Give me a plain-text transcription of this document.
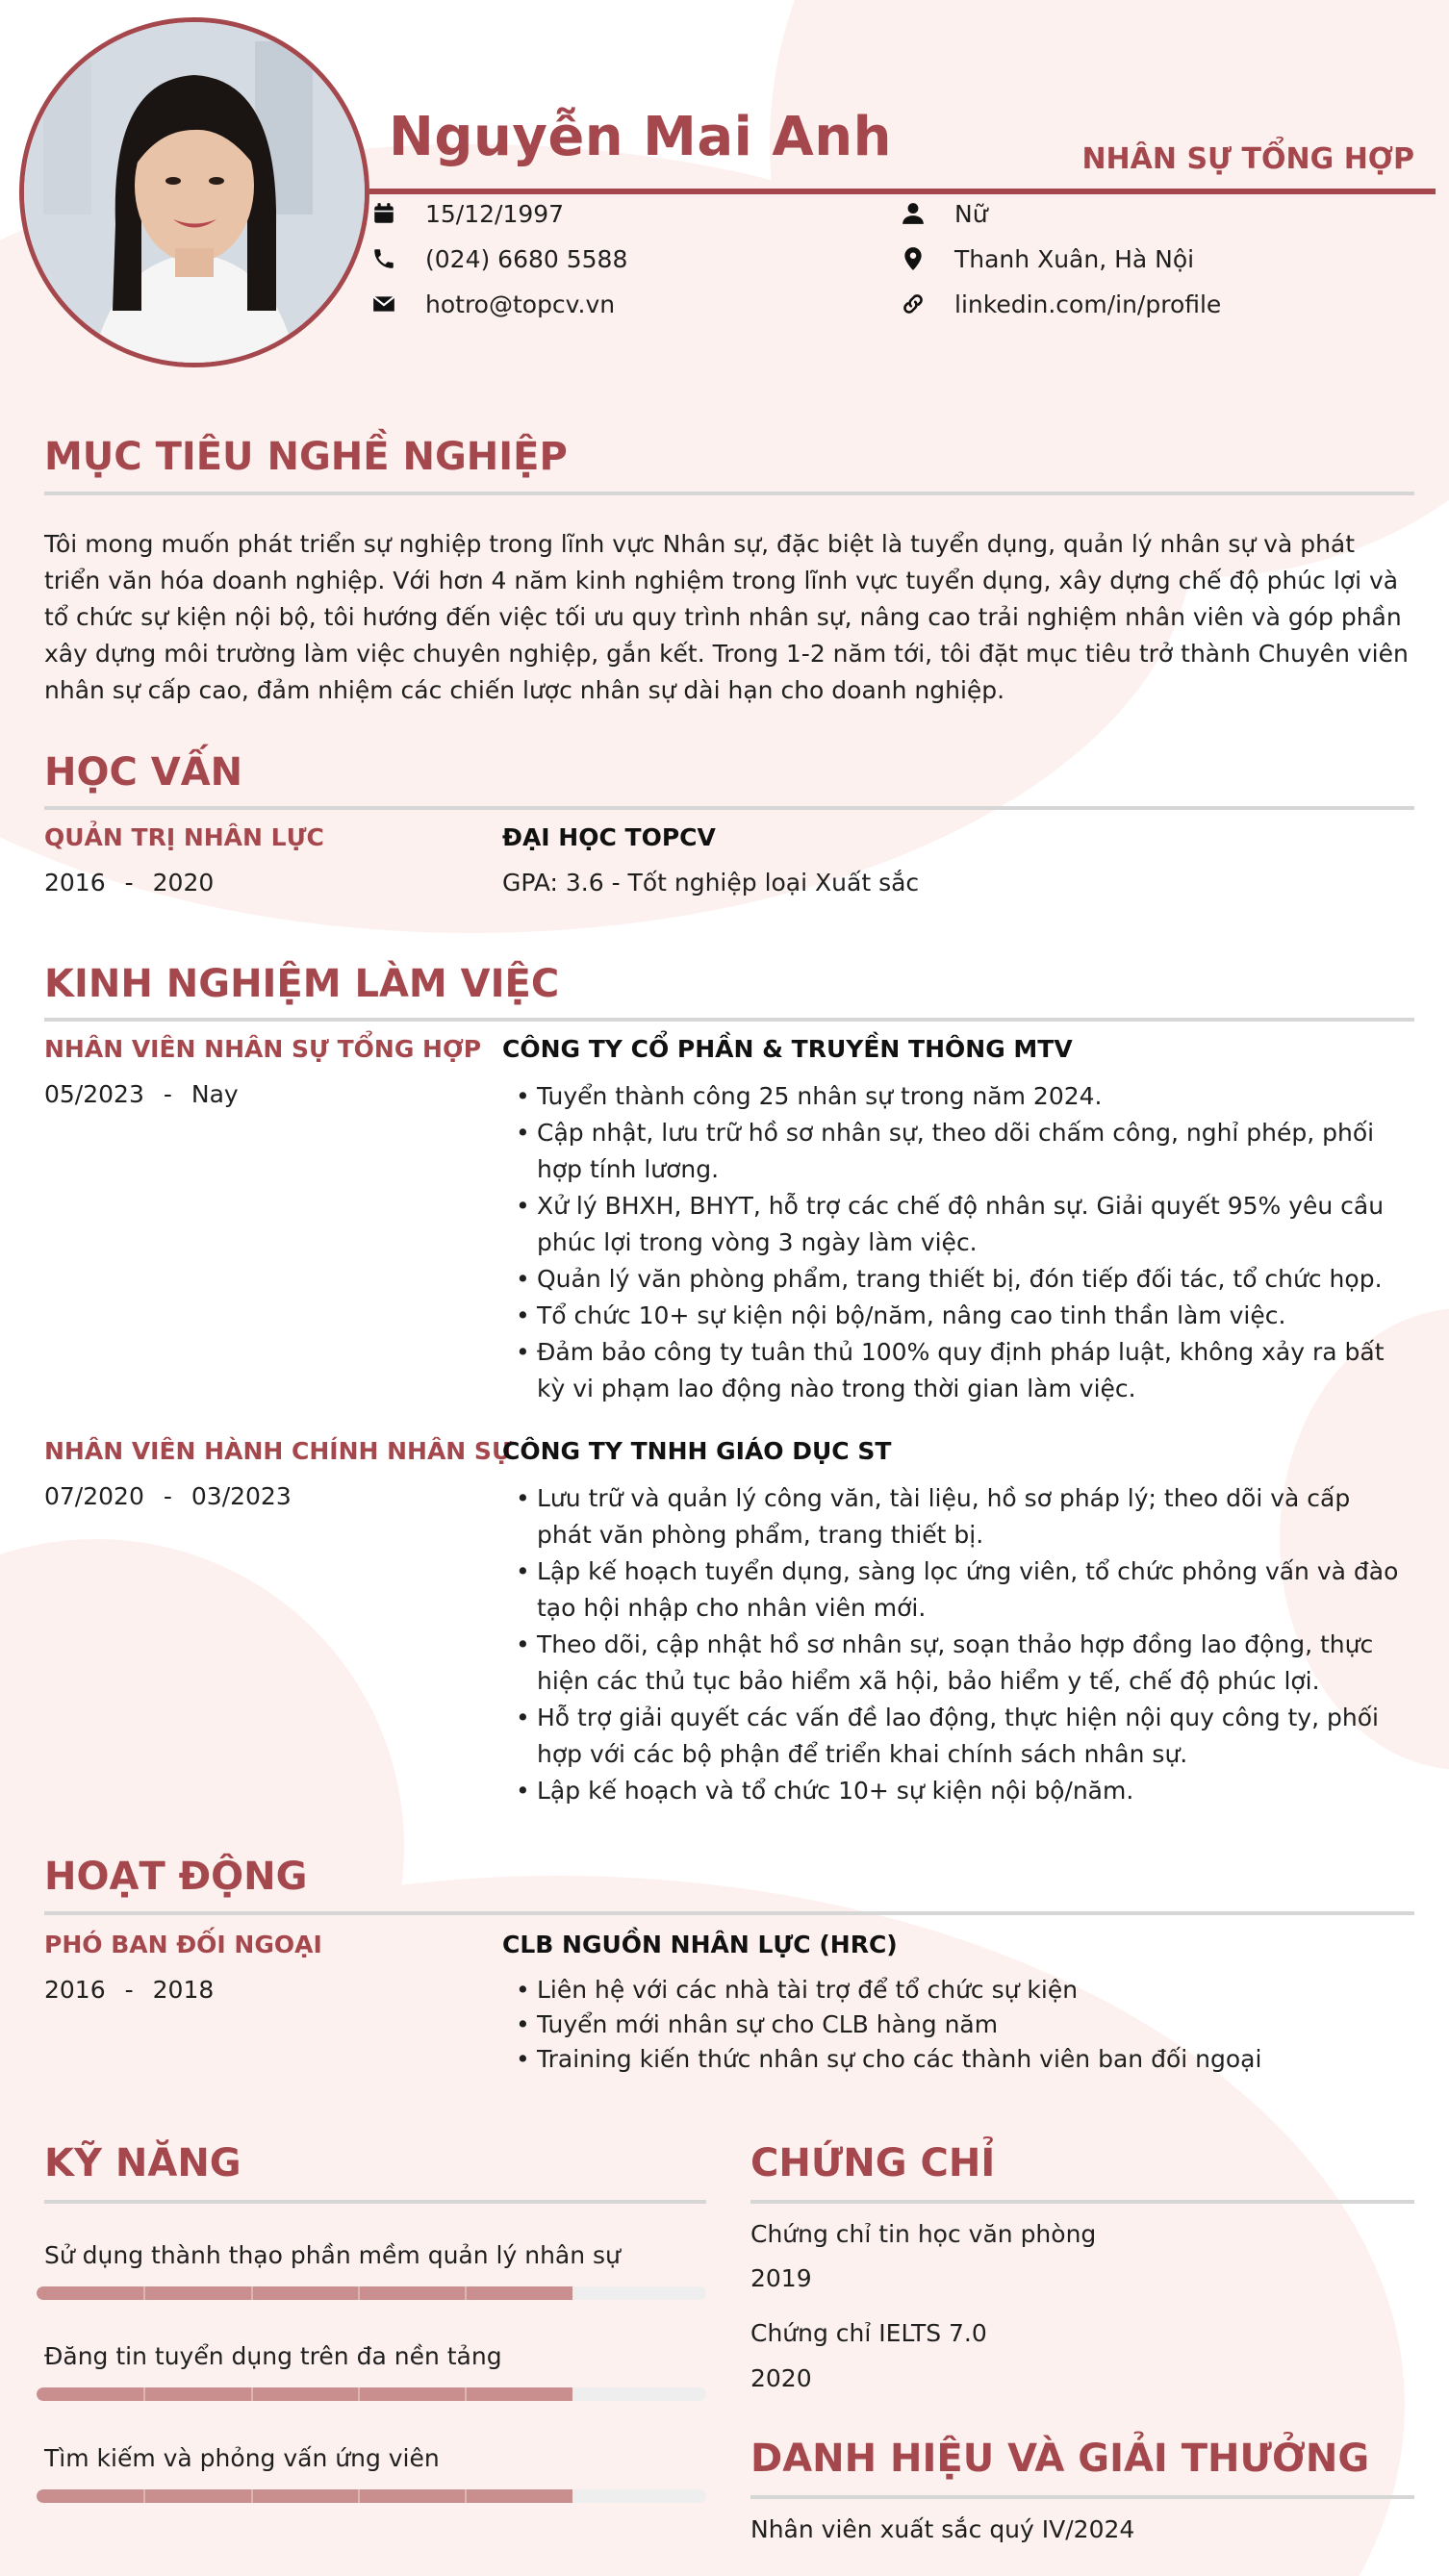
Nguyễn Mai Anh	NHÂN SỰ TỔNG HỢP
15/12/1997
(024) 6680 5588
hotro@topcv.vn
Nữ
Thanh Xuân, Hà Nội
linkedin.com/in/profile
MỤC TIÊU NGHỀ NGHIỆP
Tôi mong muốn phát triển sự nghiệp trong lĩnh vực Nhân sự, đặc biệt là tuyển dụng, quản lý nhân sự và phát triển văn hóa doanh nghiệp. Với hơn 4 năm kinh nghiệm trong lĩnh vực tuyển dụng, xây dựng chế độ phúc lợi và tổ chức sự kiện nội bộ, tôi hướng đến việc tối ưu quy trình nhân sự, nâng cao trải nghiệm nhân viên và góp phần xây dựng môi trường làm việc chuyên nghiệp, gắn kết. Trong 1-2 năm tới, tôi đặt mục tiêu trở thành Chuyên viên nhân sự cấp cao, đảm nhiệm các chiến lược nhân sự dài hạn cho doanh nghiệp.
HỌC VẤN
QUẢN TRỊ NHÂN LỰC
2016 - 2020
ĐẠI HỌC TOPCV
GPA: 3.6 - Tốt nghiệp loại Xuất sắc
KINH NGHIỆM LÀM VIỆC
NHÂN VIÊN NHÂN SỰ TỔNG HỢP
05/2023 - Nay
CÔNG TY CỔ PHẦN & TRUYỀN THÔNG MTV
• Tuyển thành công 25 nhân sự trong năm 2024.
• Cập nhật, lưu trữ hồ sơ nhân sự, theo dõi chấm công, nghỉ phép, phối hợp tính lương.
• Xử lý BHXH, BHYT, hỗ trợ các chế độ nhân sự. Giải quyết 95% yêu cầu phúc lợi trong vòng 3 ngày làm việc.
• Quản lý văn phòng phẩm, trang thiết bị, đón tiếp đối tác, tổ chức họp.
• Tổ chức 10+ sự kiện nội bộ/năm, nâng cao tinh thần làm việc.
• Đảm bảo công ty tuân thủ 100% quy định pháp luật, không xảy ra bất kỳ vi phạm lao động nào trong thời gian làm việc.
NHÂN VIÊN HÀNH CHÍNH NHÂN SỰ
07/2020 - 03/2023
CÔNG TY TNHH GIÁO DỤC ST
• Lưu trữ và quản lý công văn, tài liệu, hồ sơ pháp lý; theo dõi và cấp phát văn phòng phẩm, trang thiết bị.
• Lập kế hoạch tuyển dụng, sàng lọc ứng viên, tổ chức phỏng vấn và đào tạo hội nhập cho nhân viên mới.
• Theo dõi, cập nhật hồ sơ nhân sự, soạn thảo hợp đồng lao động, thực hiện các thủ tục bảo hiểm xã hội, bảo hiểm y tế, chế độ phúc lợi.
• Hỗ trợ giải quyết các vấn đề lao động, thực hiện nội quy công ty, phối hợp với các bộ phận để triển khai chính sách nhân sự.
• Lập kế hoạch và tổ chức 10+ sự kiện nội bộ/năm.
HOẠT ĐỘNG
PHÓ BAN ĐỐI NGOẠI
2016 - 2018
CLB NGUỒN NHÂN LỰC (HRC)
• Liên hệ với các nhà tài trợ để tổ chức sự kiện
• Tuyển mới nhân sự cho CLB hàng năm
• Training kiến thức nhân sự cho các thành viên ban đối ngoại
KỸ NĂNG
Sử dụng thành thạo phần mềm quản lý nhân sự
Đăng tin tuyển dụng trên đa nền tảng
Tìm kiếm và phỏng vấn ứng viên
CHỨNG CHỈ
Chứng chỉ tin học văn phòng
2019
Chứng chỉ IELTS 7.0
2020
DANH HIỆU VÀ GIẢI THƯỞNG
Nhân viên xuất sắc quý IV/2024
